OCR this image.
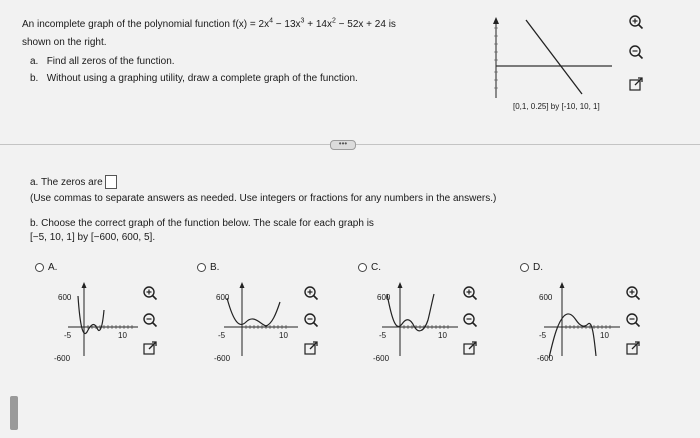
An incomplete graph of the polynomial function $f(x) = 2x^4 - 13x^3 + 14x^2 - 52x + 24$ is
shown on the right.
a. Find all zeros of the function.
b. Without using a graphing utility, draw a complete graph of the function.
[0,1, 0.25] by [-10, 10, 1]
•••
a. The zeros are
(Use commas to separate answers as needed. Use integers or fractions for any numbers in the answers.)
b. Choose the correct graph of the function below. The scale for each graph is
[−5, 10, 1] by [−600, 600, 5].
A.
600
-600
-5	10
B.
600
-600
-5	10
C.
600
-600
-5	10
D.
600
-600
-5	10
